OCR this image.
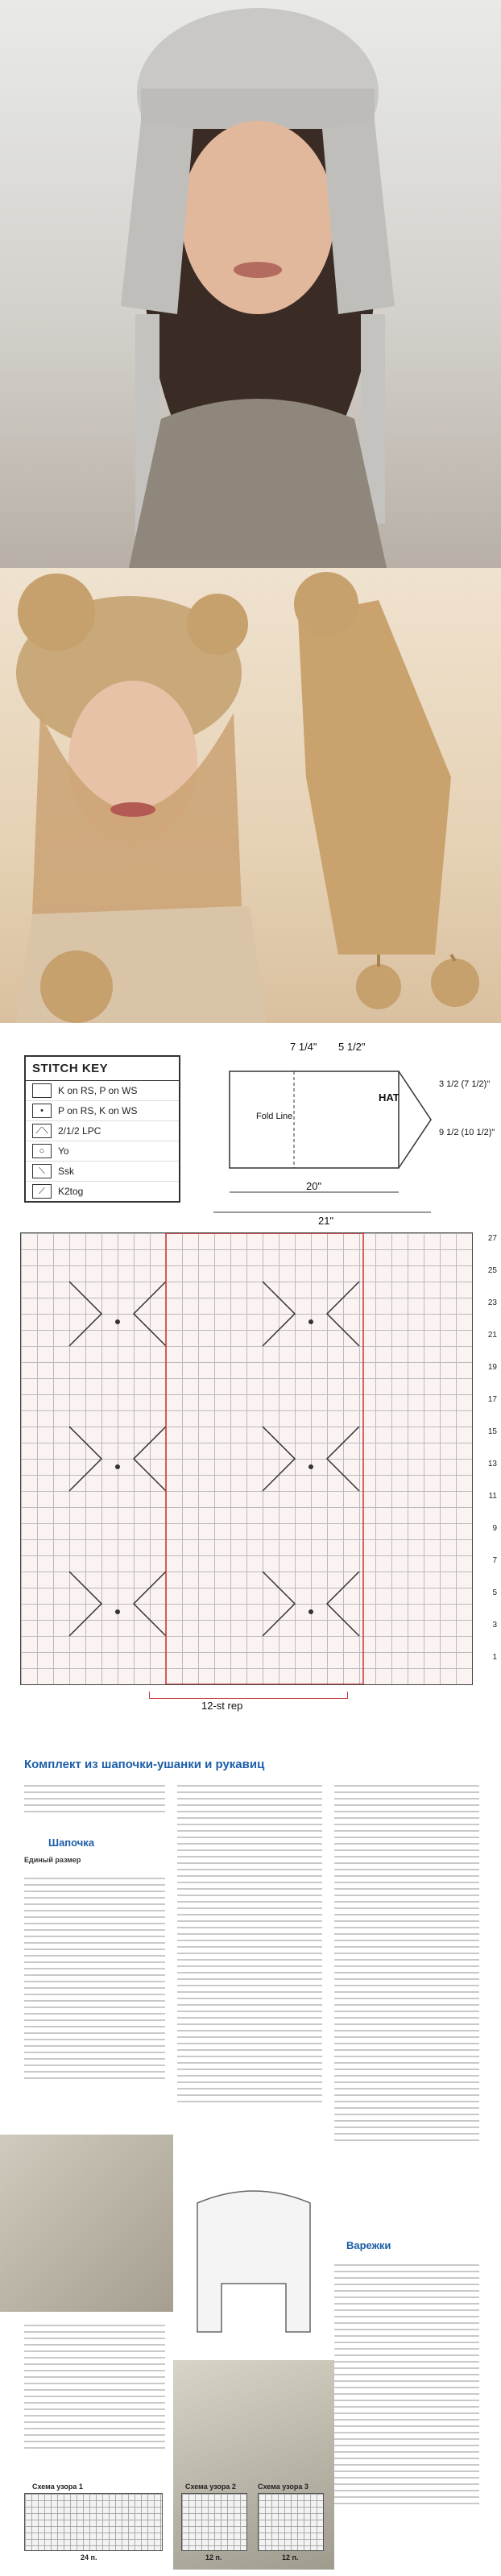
STITCH KEY
K on RS, P on WS
•	P on RS, K on WS
⟋⟍	2/1/2 LPC
○	Yo
⟍	Ssk
⟋	K2tog
7 1/4" 5 1/2"
Fold Line
HAT
3 1/2 (7 1/2)"
9 1/2 (10 1/2)"
20"
21"
27
25
23
21
19
17
15
13
11
9
7
5
3
1
12-st rep
Комплект из шапочки-ушанки и рукавиц
Шапочка
Единый размер
Варежки
Схема узора 1
24 п.
Схема узора 2
12 п.
Схема узора 3
12 п.
